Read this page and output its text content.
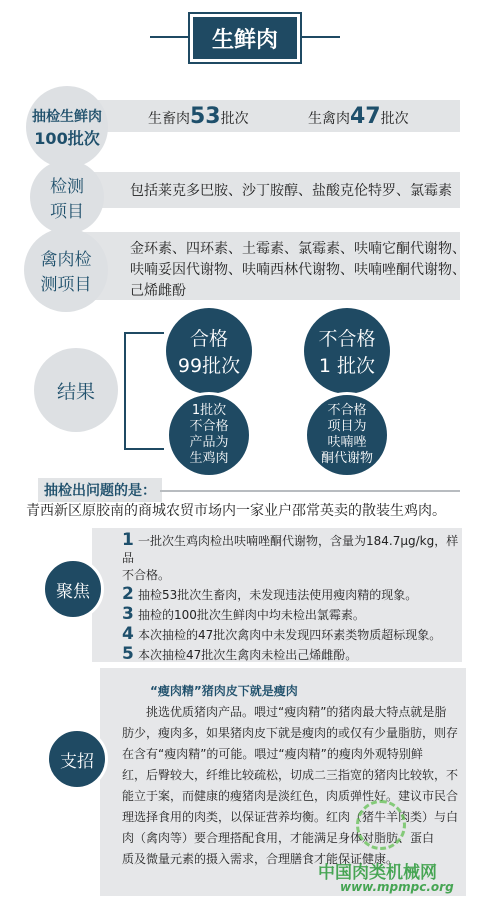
生鲜肉
抽检生鲜肉
100批次
生畜肉53批次	生禽肉47批次
检测
项目
包括莱克多巴胺、沙丁胺醇、盐酸克伦特罗、氯霉素
禽肉检
测项目
金环素、四环素、土霉素、氯霉素、呋喃它酮代谢物、
呋喃妥因代谢物、呋喃西林代谢物、呋喃唑酮代谢物、
己烯雌酚
结果
合格
99批次
不合格
1 批次
1批次
不合格
产品为
生鸡肉
不合格
项目为
呋喃唑
酮代谢物
抽检出问题的是：
青西新区原胶南的商城农贸市场内一家业户邵常英卖的散装生鸡肉。
聚焦
1 一批次生鸡肉检出呋喃唑酮代谢物，含量为184.7μg/kg，样品
不合格。
2 抽检53批次生畜肉，未发现违法使用瘦肉精的现象。
3 抽检的100批次生鲜肉中均未检出氯霉素。
4 本次抽检的47批次禽肉中未发现四环素类物质超标现象。
5 本次抽检47批次生禽肉未检出己烯雌酚。
支招
“瘦肉精”猪肉皮下就是瘦肉
挑选优质猪肉产品。喂过“瘦肉精”的猪肉最大特点就是脂
肪少，瘦肉多，如果猪肉皮下就是瘦肉的或仅有少量脂肪，则存
在含有“瘦肉精”的可能。喂过“瘦肉精”的瘦肉外观特别鲜
红，后臀较大，纤维比较疏松，切成二三指宽的猪肉比较软，不
能立于案，而健康的瘦猪肉是淡红色，肉质弹性好。建议市民合
理选择食用的肉类，以保证营养均衡。红肉（猪牛羊肉类）与白
肉（禽肉等）要合理搭配食用，才能满足身体对脂肪、蛋白
质及微量元素的摄入需求，合理膳食才能保证健康。
中国肉类机械网
www.mpmpc.org
